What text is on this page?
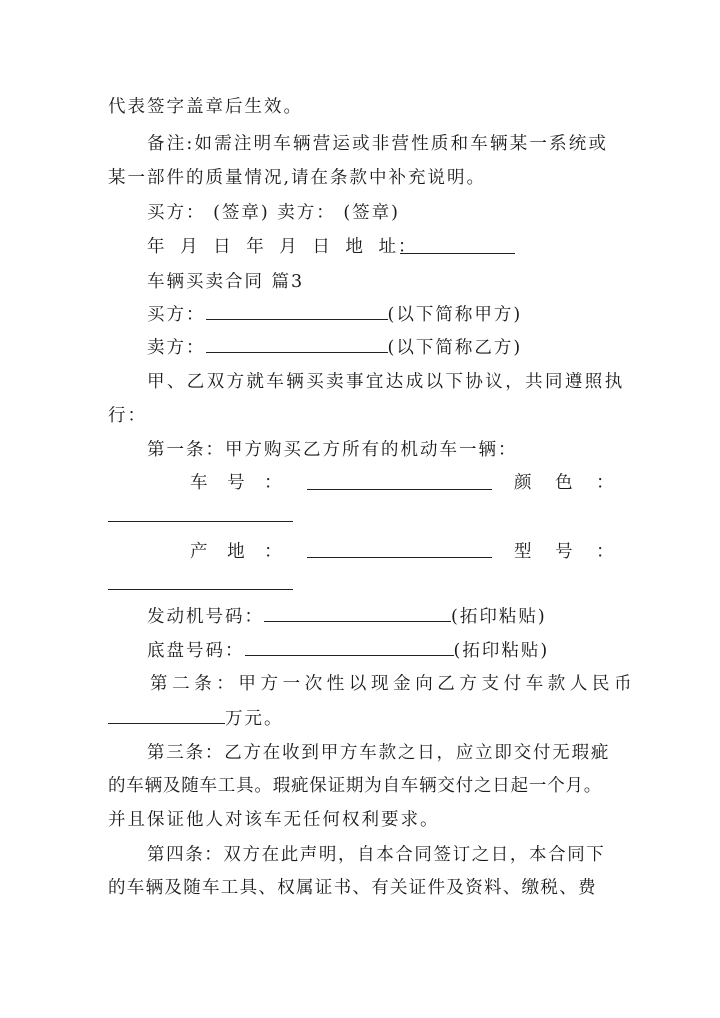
代表签字盖章后生效。
备注:如需注明车辆营运或非营性质和车辆某一系统或
某一部件的质量情况,请在条款中补充说明。
买方： (签章) 卖方： (签章)
年 月 日 年 月 日 地 址：
车辆买卖合同 篇3
买方：	(以下简称甲方)
卖方：	(以下简称乙方)
甲、乙双方就车辆买卖事宜达成以下协议，共同遵照执
行：
第一条：甲方购买乙方所有的机动车一辆：
车 号 ：	颜 色 ：
产 地 ：	型 号 ：
发动机号码：	(拓印粘贴)
底盘号码：	(拓印粘贴)
第二条：甲方一次性以现金向乙方支付车款人民币
万元。
第三条：乙方在收到甲方车款之日，应立即交付无瑕疵
的车辆及随车工具。瑕疵保证期为自车辆交付之日起一个月。
并且保证他人对该车无任何权利要求。
第四条：双方在此声明，自本合同签订之日，本合同下
的车辆及随车工具、权属证书、有关证件及资料、缴税、费
